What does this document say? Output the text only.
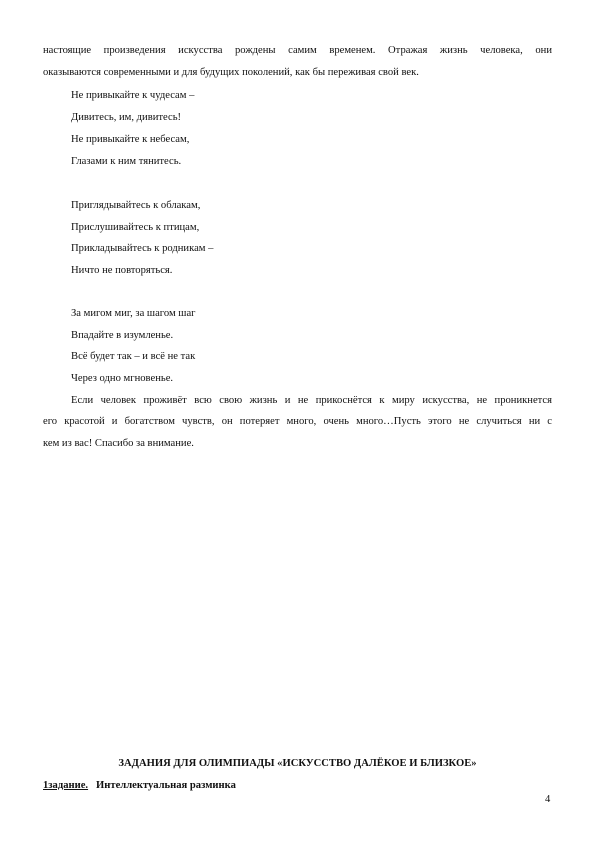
настоящие произведения искусства рождены самим временем. Отражая жизнь человека, они
оказываются современными и для будущих поколений, как бы переживая свой век.
Не привыкайте к чудесам –
Дивитесь, им, дивитесь!
Не привыкайте к небесам,
Глазами к ним тянитесь.
Приглядывайтесь к облакам,
Прислушивайтесь к птицам,
Прикладывайтесь к родникам –
Ничто не повторяться.
За мигом миг, за шагом шаг
Впадайте в изумленье.
Всё будет так – и всё не так
Через одно мгновенье.
Если человек проживёт всю свою жизнь и не прикоснётся к миру искусства, не проникнется
его красотой и богатством чувств, он потеряет много, очень много…Пусть этого не случиться ни с
кем из вас! Спасибо за внимание.
ЗАДАНИЯ ДЛЯ ОЛИМПИАДЫ «ИСКУССТВО ДАЛЁКОЕ И БЛИЗКОЕ»
1задание. Интеллектуальная разминка
4
